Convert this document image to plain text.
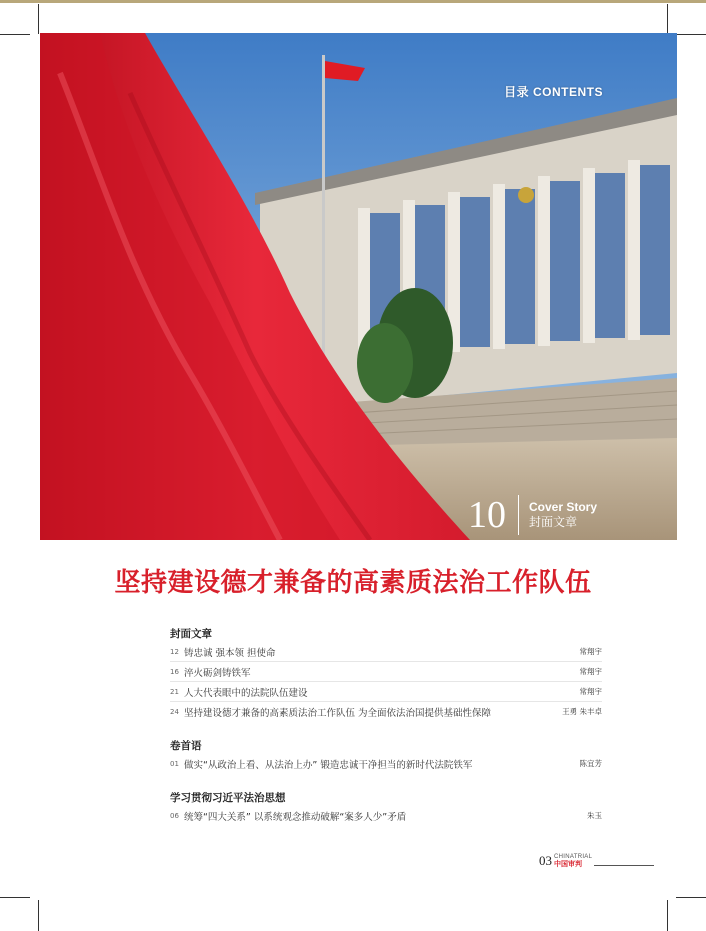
目录 CONTENTS
10	Cover Story
封面文章
坚持建设德才兼备的高素质法治工作队伍
封面文章
12 铸忠诚 强本领 担使命	常翔宇
16 淬火砺剑铸铁军	常翔宇
21 人大代表眼中的法院队伍建设	常翔宇
24 坚持建设德才兼备的高素质法治工作队伍 为全面依法治国提供基础性保障	王勇 朱丰卓
卷首语
01 做实“从政治上看、从法治上办” 锻造忠诚干净担当的新时代法院铁军	陈宜芳
学习贯彻习近平法治思想
06 统筹“四大关系” 以系统观念推动破解“案多人少”矛盾	朱玉
03 CHINATRIAL
中国审判
